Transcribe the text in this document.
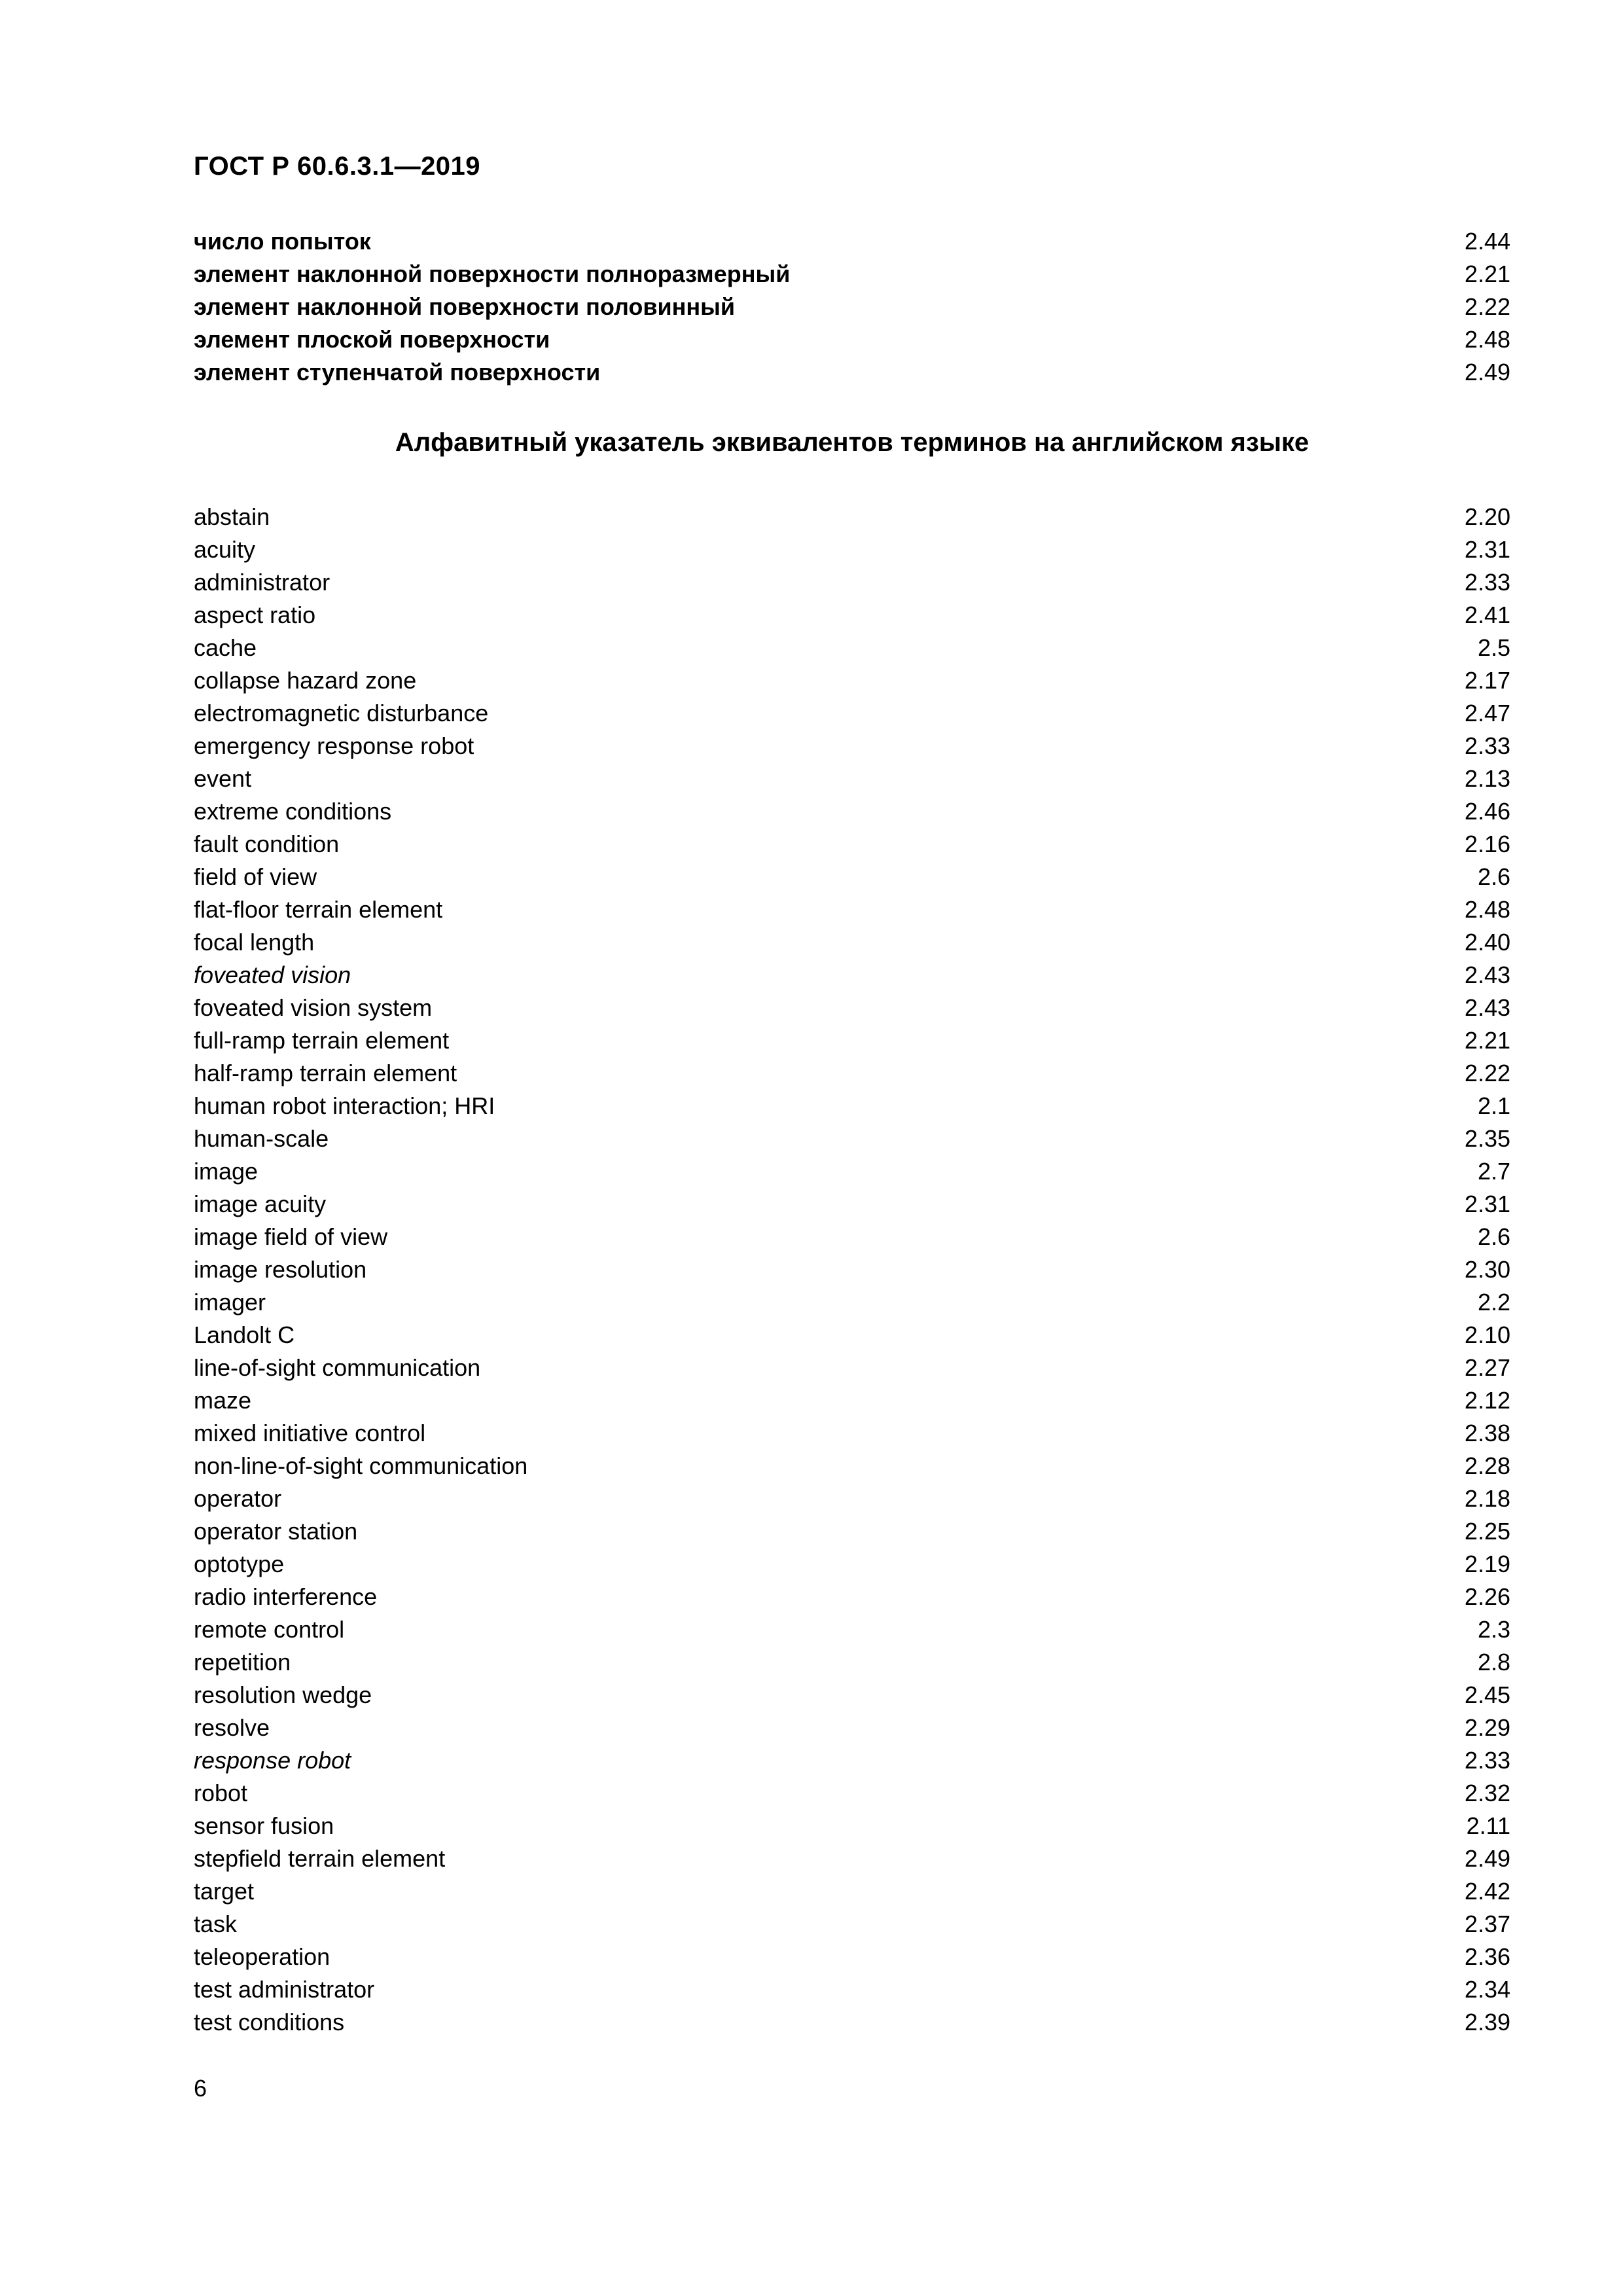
ГОСТ Р 60.6.3.1—2019
число попыток	2.44
элемент наклонной поверхности полноразмерный	2.21
элемент наклонной поверхности половинный	2.22
элемент плоской поверхности	2.48
элемент ступенчатой поверхности	2.49
Алфавитный указатель эквивалентов терминов на английском языке
abstain	2.20
acuity	2.31
administrator	2.33
aspect ratio	2.41
cache	2.5
collapse hazard zone	2.17
electromagnetic disturbance	2.47
emergency response robot	2.33
event	2.13
extreme conditions	2.46
fault condition	2.16
field of view	2.6
flat-floor terrain element	2.48
focal length	2.40
foveated vision	2.43
foveated vision system	2.43
full-ramp terrain element	2.21
half-ramp terrain element	2.22
human robot interaction; HRI	2.1
human-scale	2.35
image	2.7
image acuity	2.31
image field of view	2.6
image resolution	2.30
imager	2.2
Landolt C	2.10
line-of-sight communication	2.27
maze	2.12
mixed initiative control	2.38
non-line-of-sight communication	2.28
operator	2.18
operator station	2.25
optotype	2.19
radio interference	2.26
remote control	2.3
repetition	2.8
resolution wedge	2.45
resolve	2.29
response robot	2.33
robot	2.32
sensor fusion	2.11
stepfield terrain element	2.49
target	2.42
task	2.37
teleoperation	2.36
test administrator	2.34
test conditions	2.39
6
